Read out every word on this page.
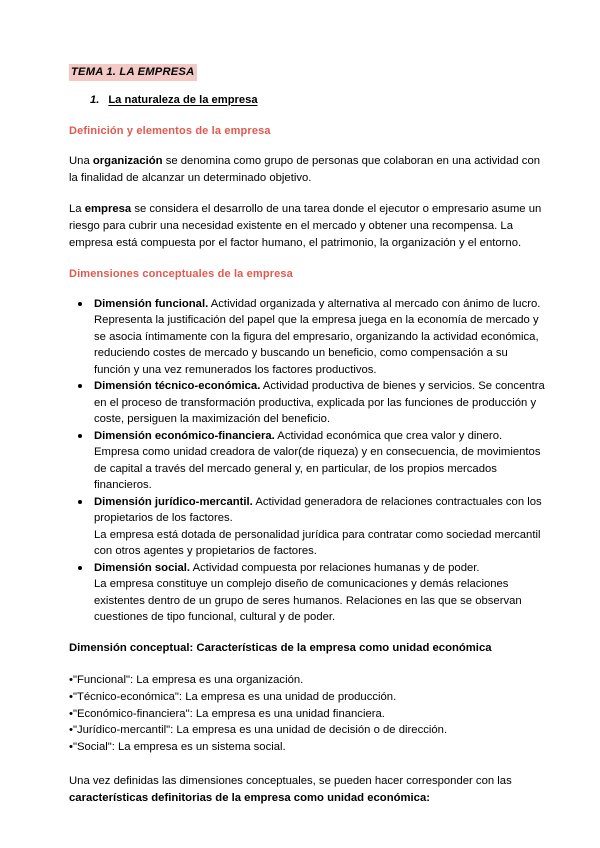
TEMA 1. LA EMPRESA
1. La naturaleza de la empresa
Definición y elementos de la empresa

Una organización se denomina como grupo de personas que colaboran en una actividad con la finalidad de alcanzar un determinado objetivo.

La empresa se considera el desarrollo de una tarea donde el ejecutor o empresario asume un riesgo para cubrir una necesidad existente en el mercado y obtener una recompensa. La empresa está compuesta por el factor humano, el patrimonio, la organización y el entorno.

Dimensiones conceptuales de la empresa
Dimensión funcional. Actividad organizada y alternativa al mercado con ánimo de lucro. Representa la justificación del papel que la empresa juega en la economía de mercado y se asocia íntimamente con la figura del empresario, organizando la actividad económica, reduciendo costes de mercado y buscando un beneficio, como compensación a su función y una vez remunerados los factores productivos.
Dimensión técnico-económica. Actividad productiva de bienes y servicios. Se concentra en el proceso de transformación productiva, explicada por las funciones de producción y coste, persiguen la maximización del beneficio.
Dimensión económico-financiera. Actividad económica que crea valor y dinero. Empresa como unidad creadora de valor(de riqueza) y en consecuencia, de movimientos de capital a través del mercado general y, en particular, de los propios mercados financieros.
Dimensión jurídico-mercantil. Actividad generadora de relaciones contractuales con los propietarios de los factores.
La empresa está dotada de personalidad jurídica para contratar como sociedad mercantil con otros agentes y propietarios de factores.
Dimensión social. Actividad compuesta por relaciones humanas y de poder.
La empresa constituye un complejo diseño de comunicaciones y demás relaciones existentes dentro de un grupo de seres humanos. Relaciones en las que se observan cuestiones de tipo funcional, cultural y de poder.
Dimensión conceptual: Características de la empresa como unidad económica
•"Funcional": La empresa es una organización.
•"Técnico-económica": La empresa es una unidad de producción.
•"Económico-financiera": La empresa es una unidad financiera.
•"Jurídico-mercantil": La empresa es una unidad de decisión o de dirección.
•"Social": La empresa es un sistema social.

Una vez definidas las dimensiones conceptuales, se pueden hacer corresponder con las características definitorias de la empresa como unidad económica:
